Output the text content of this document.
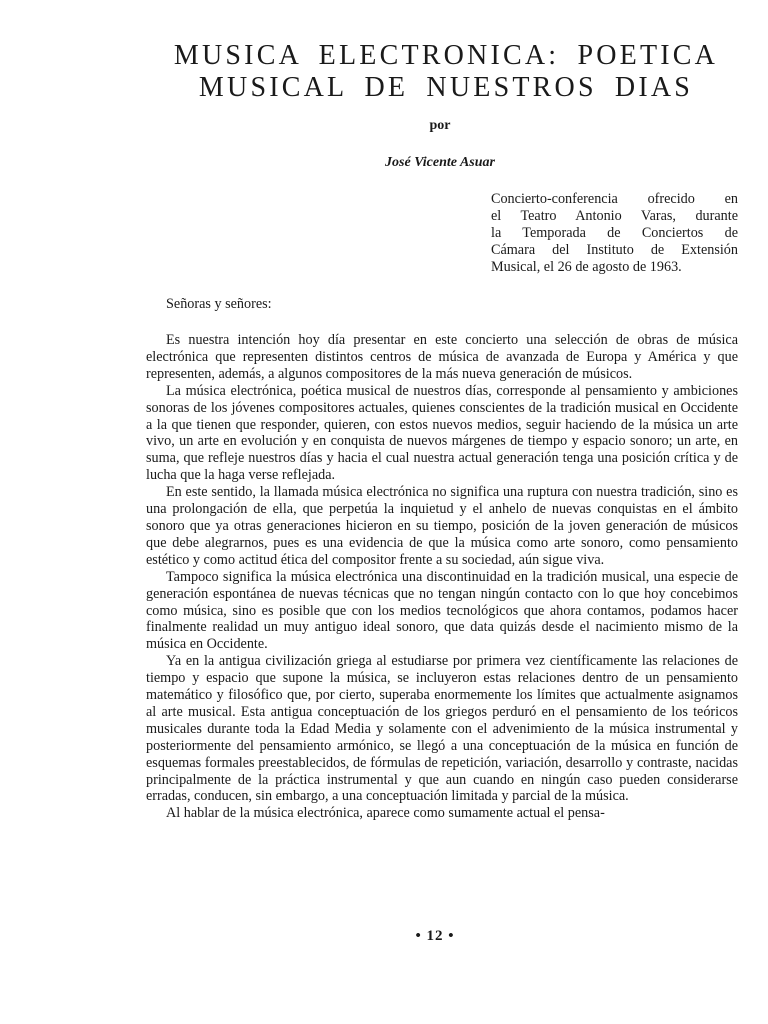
MUSICA ELECTRONICA: POETICA
MUSICAL DE NUESTROS DIAS
por
José Vicente Asuar
Concierto-conferencia ofrecido en
el Teatro Antonio Varas, durante
la Temporada de Conciertos de
Cámara del Instituto de Extensión
Musical, el 26 de agosto de 1963.
Señoras y señores:

Es nuestra intención hoy día presentar en este concierto una selección de obras de música electrónica que representen distintos centros de música de avanzada de Europa y América y que representen, además, a algunos compositores de la más nueva generación de músicos.

La música electrónica, poética musical de nuestros días, corresponde al pensamiento y ambiciones sonoras de los jóvenes compositores actuales, quienes conscientes de la tradición musical en Occidente a la que tienen que responder, quieren, con estos nuevos medios, seguir haciendo de la música un arte vivo, un arte en evolución y en conquista de nuevos márgenes de tiempo y espacio sonoro; un arte, en suma, que refleje nuestros días y hacia el cual nuestra actual generación tenga una posición crítica y de lucha que la haga verse reflejada.

En este sentido, la llamada música electrónica no significa una ruptura con nuestra tradición, sino es una prolongación de ella, que perpetúa la inquietud y el anhelo de nuevas conquistas en el ámbito sonoro que ya otras generaciones hicieron en su tiempo, posición de la joven generación de músicos que debe alegrarnos, pues es una evidencia de que la música como arte sonoro, como pensamiento estético y como actitud ética del compositor frente a su sociedad, aún sigue viva.

Tampoco significa la música electrónica una discontinuidad en la tradición musical, una especie de generación espontánea de nuevas técnicas que no tengan ningún contacto con lo que hoy concebimos como música, sino es posible que con los medios tecnológicos que ahora contamos, podamos hacer finalmente realidad un muy antiguo ideal sonoro, que data quizás desde el nacimiento mismo de la música en Occidente.

Ya en la antigua civilización griega al estudiarse por primera vez científicamente las relaciones de tiempo y espacio que supone la música, se incluyeron estas relaciones dentro de un pensamiento matemático y filosófico que, por cierto, superaba enormemente los límites que actualmente asignamos al arte musical. Esta antigua conceptuación de los griegos perduró en el pensamiento de los teóricos musicales durante toda la Edad Media y solamente con el advenimiento de la música instrumental y posteriormente del pensamiento armónico, se llegó a una conceptuación de la música en función de esquemas formales preestablecidos, de fórmulas de repetición, variación, desarrollo y contraste, nacidas principalmente de la práctica instrumental y que aun cuando en ningún caso pueden considerarse erradas, conducen, sin embargo, a una conceptuación limitada y parcial de la música.

Al hablar de la música electrónica, aparece como sumamente actual el pensa-

• 12 •
